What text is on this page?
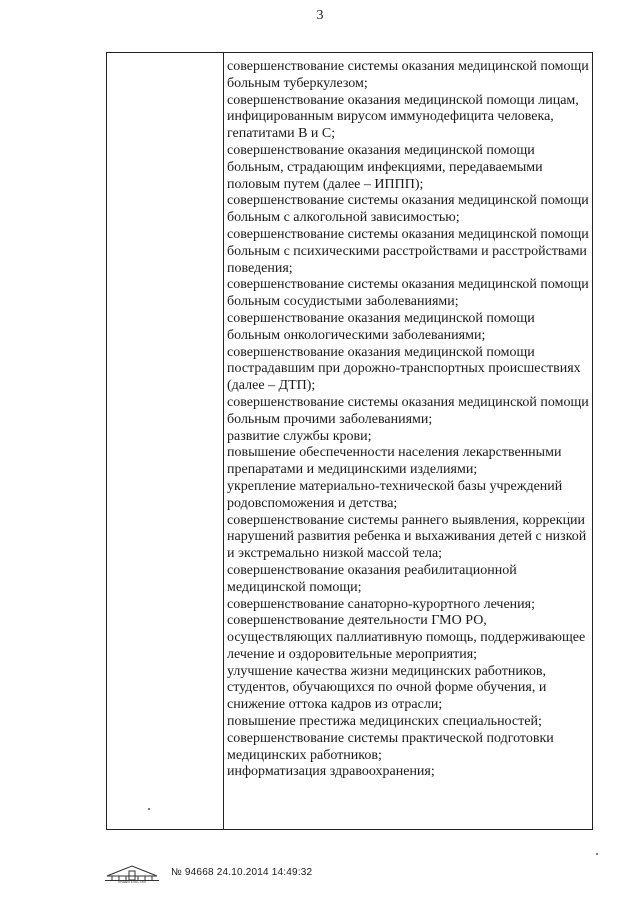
3
совершенствование системы оказания медицинской помощи больным туберкулезом;
совершенствование оказания медицинской помощи лицам, инфицированным вирусом иммунодефицита человека, гепатитами В и С;
совершенствование оказания медицинской помощи больным, страдающим инфекциями, передаваемыми половым путем (далее – ИППП);
совершенствование системы оказания медицинской помощи больным с алкогольной зависимостью;
совершенствование системы оказания медицинской помощи больным с психическими расстройствами и расстройствами поведения;
совершенствование системы оказания медицинской помощи больным сосудистыми заболеваниями;
совершенствование оказания медицинской помощи больным онкологическими заболеваниями;
совершенствование оказания медицинской помощи пострадавшим при дорожно-транспортных происшествиях (далее – ДТП);
совершенствование системы оказания медицинской помощи больным прочими заболеваниями;
развитие службы крови;
повышение обеспеченности населения лекарственными препаратами и медицинскими изделиями;
укрепление материально-технической базы учреждений родовспоможения и детства;
совершенствование системы раннего выявления, коррекции нарушений развития ребенка и выхаживания детей с низкой и экстремально низкой массой тела;
совершенствование оказания реабилитационной медицинской помощи;
совершенствование санаторно-курортного лечения;
совершенствование деятельности ГМО РО, осуществляющих паллиативную помощь, поддерживающее лечение и оздоровительные мероприятия;
улучшение качества жизни медицинских работников, студентов, обучающихся по очной форме обучения, и снижение оттока кадров из отрасли;
повышение престижа медицинских специальностей;
совершенствование системы практической подготовки медицинских работников;
информатизация здравоохранения;
ПРАВИТЕЛЬСТВО
№ 94668 24.10.2014 14:49:32
